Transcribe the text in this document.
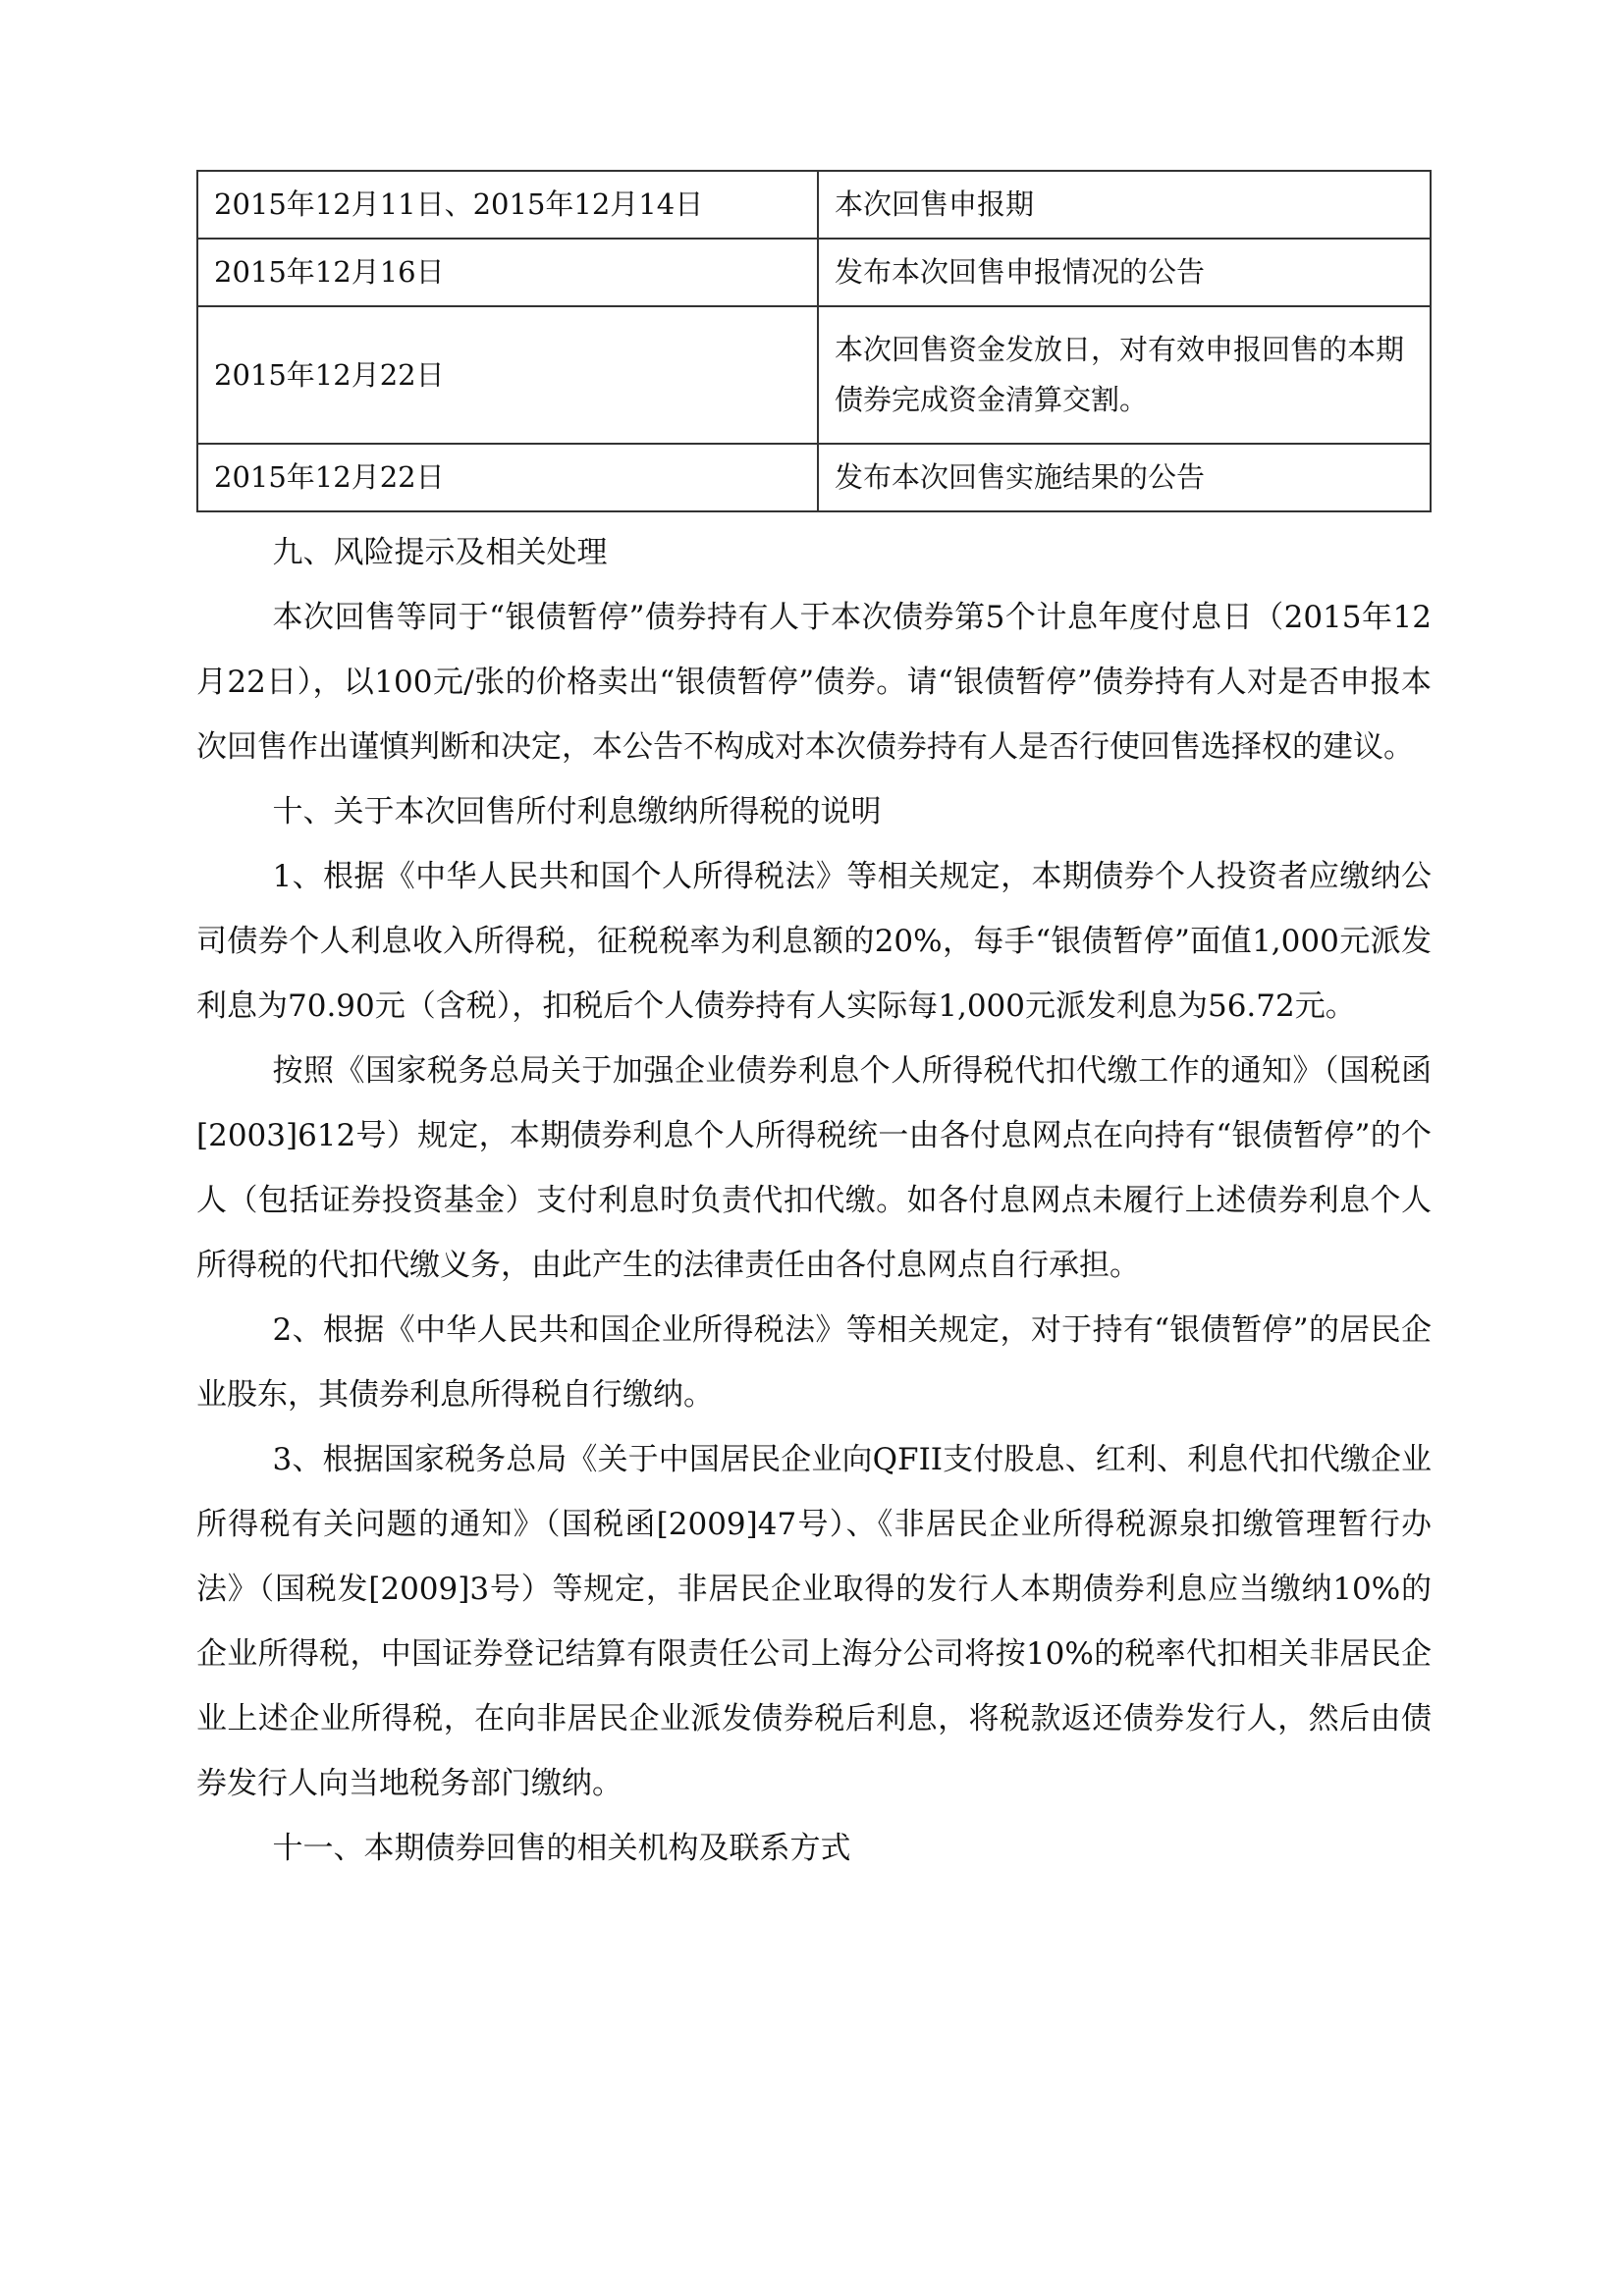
2015年12月11日、2015年12月14日	本次回售申报期
2015年12月16日	发布本次回售申报情况的公告
2015年12月22日	本次回售资金发放日，对有效申报回售的本期债券完成资金清算交割。
2015年12月22日	发布本次回售实施结果的公告

九、风险提示及相关处理

本次回售等同于“银债暂停”债券持有人于本次债券第5个计息年度付息日（2015年12月22日），以100元/张的价格卖出“银债暂停”债券。请“银债暂停”债券持有人对是否申报本次回售作出谨慎判断和决定，本公告不构成对本次债券持有人是否行使回售选择权的建议。

十、关于本次回售所付利息缴纳所得税的说明

1、根据《中华人民共和国个人所得税法》等相关规定，本期债券个人投资者应缴纳公司债券个人利息收入所得税，征税税率为利息额的20%，每手“银债暂停”面值1,000元派发利息为70.90元（含税），扣税后个人债券持有人实际每1,000元派发利息为56.72元。

按照《国家税务总局关于加强企业债券利息个人所得税代扣代缴工作的通知》（国税函[2003]612号）规定，本期债券利息个人所得税统一由各付息网点在向持有“银债暂停”的个人（包括证券投资基金）支付利息时负责代扣代缴。如各付息网点未履行上述债券利息个人所得税的代扣代缴义务，由此产生的法律责任由各付息网点自行承担。

2、根据《中华人民共和国企业所得税法》等相关规定，对于持有“银债暂停”的居民企业股东，其债券利息所得税自行缴纳。

3、根据国家税务总局《关于中国居民企业向QFII支付股息、红利、利息代扣代缴企业所得税有关问题的通知》（国税函[2009]47号）、《非居民企业所得税源泉扣缴管理暂行办法》（国税发[2009]3号）等规定，非居民企业取得的发行人本期债券利息应当缴纳10%的企业所得税，中国证券登记结算有限责任公司上海分公司将按10%的税率代扣相关非居民企业上述企业所得税，在向非居民企业派发债券税后利息，将税款返还债券发行人，然后由债券发行人向当地税务部门缴纳。

十一、本期债券回售的相关机构及联系方式
